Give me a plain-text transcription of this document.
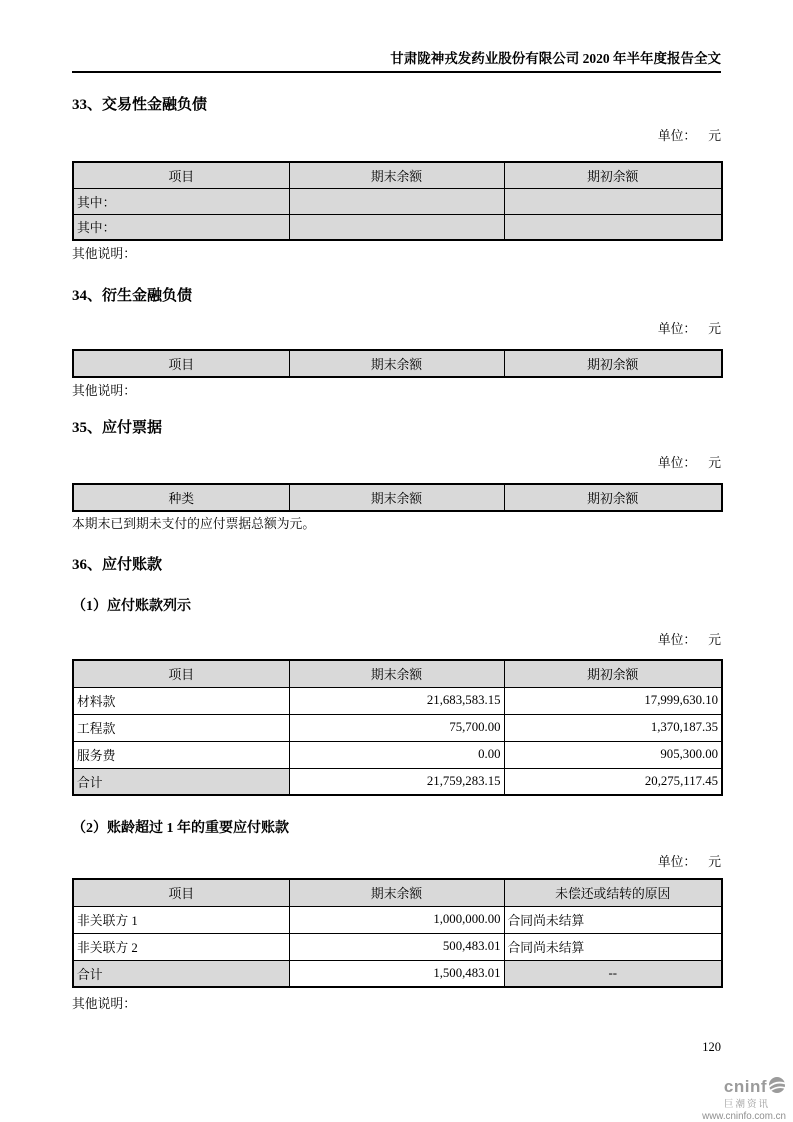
甘肃陇神戎发药业股份有限公司 2020 年半年度报告全文
33、交易性金融负债
单位： 元
项目	期末余额	期初余额
其中：		
其中：		
其他说明：
34、衍生金融负债
单位： 元
项目	期末余额	期初余额
其他说明：
35、应付票据
单位： 元
种类	期末余额	期初余额
本期末已到期未支付的应付票据总额为元。
36、应付账款
（1）应付账款列示
单位： 元
项目	期末余额	期初余额
材料款	21,683,583.15	17,999,630.10
工程款	75,700.00	1,370,187.35
服务费	0.00	905,300.00
合计	21,759,283.15	20,275,117.45
（2）账龄超过 1 年的重要应付账款
单位： 元
项目	期末余额	未偿还或结转的原因
非关联方 1	1,000,000.00	合同尚未结算
非关联方 2	500,483.01	合同尚未结算
合计	1,500,483.01	--
其他说明：
120
cninf
巨潮资讯
www.cninfo.com.cn
